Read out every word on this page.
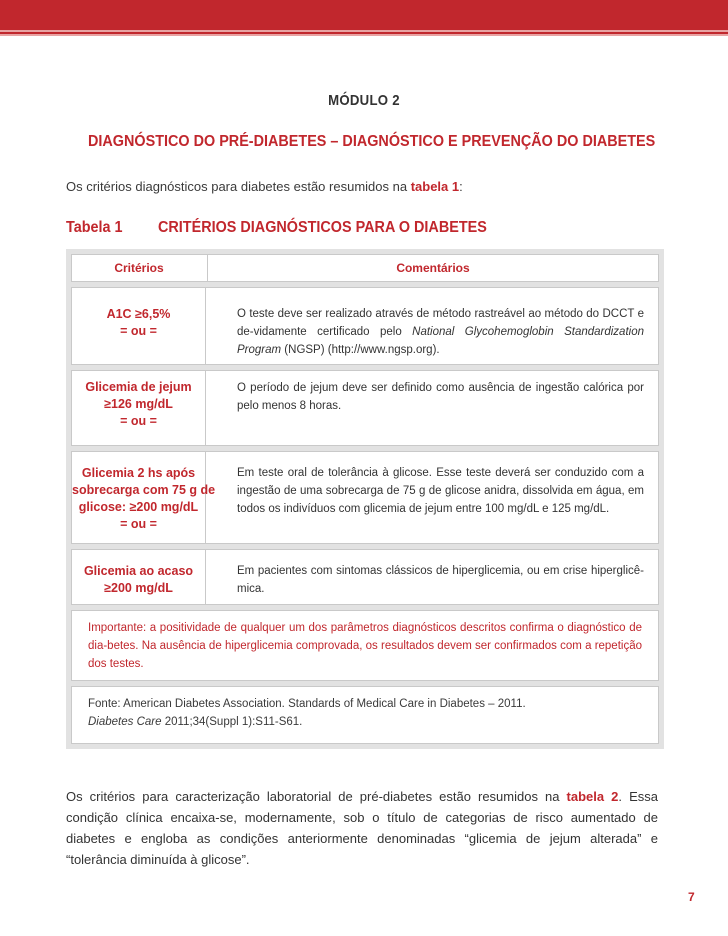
MÓDULO 2
DIAGNÓSTICO DO PRÉ-DIABETES – DIAGNÓSTICO E PREVENÇÃO DO DIABETES
Os critérios diagnósticos para diabetes estão resumidos na tabela 1:
Tabela 1 CRITÉRIOS DIAGNÓSTICOS PARA O DIABETES
Critérios	Comentários
A1C ≥6,5%
= ou =
O teste deve ser realizado através de método rastreável ao método do DCCT e de-vidamente certificado pelo National Glycohemoglobin Standardization Program (NGSP) (http://www.ngsp.org).
Glicemia de jejum
≥126 mg/dL
= ou =
O período de jejum deve ser definido como ausência de ingestão calórica por pelo menos 8 horas.
Glicemia 2 hs após
sobrecarga com 75 g de
glicose: ≥200 mg/dL
= ou =
Em teste oral de tolerância à glicose. Esse teste deverá ser conduzido com a ingestão de uma sobrecarga de 75 g de glicose anidra, dissolvida em água, em todos os indivíduos com glicemia de jejum entre 100 mg/dL e 125 mg/dL.
Glicemia ao acaso
≥200 mg/dL
Em pacientes com sintomas clássicos de hiperglicemia, ou em crise hiperglicê-mica.
Importante: a positividade de qualquer um dos parâmetros diagnósticos descritos confirma o diagnóstico de dia-betes. Na ausência de hiperglicemia comprovada, os resultados devem ser confirmados com a repetição dos testes.
Fonte: American Diabetes Association. Standards of Medical Care in Diabetes – 2011.
Diabetes Care 2011;34(Suppl 1):S11-S61.
Os critérios para caracterização laboratorial de pré-diabetes estão resumidos na tabela 2. Essa condição clínica encaixa-se, modernamente, sob o título de categorias de risco aumentado de diabetes e engloba as condições anteriormente denominadas “glicemia de jejum alterada” e “tolerância diminuída à glicose”.
7
